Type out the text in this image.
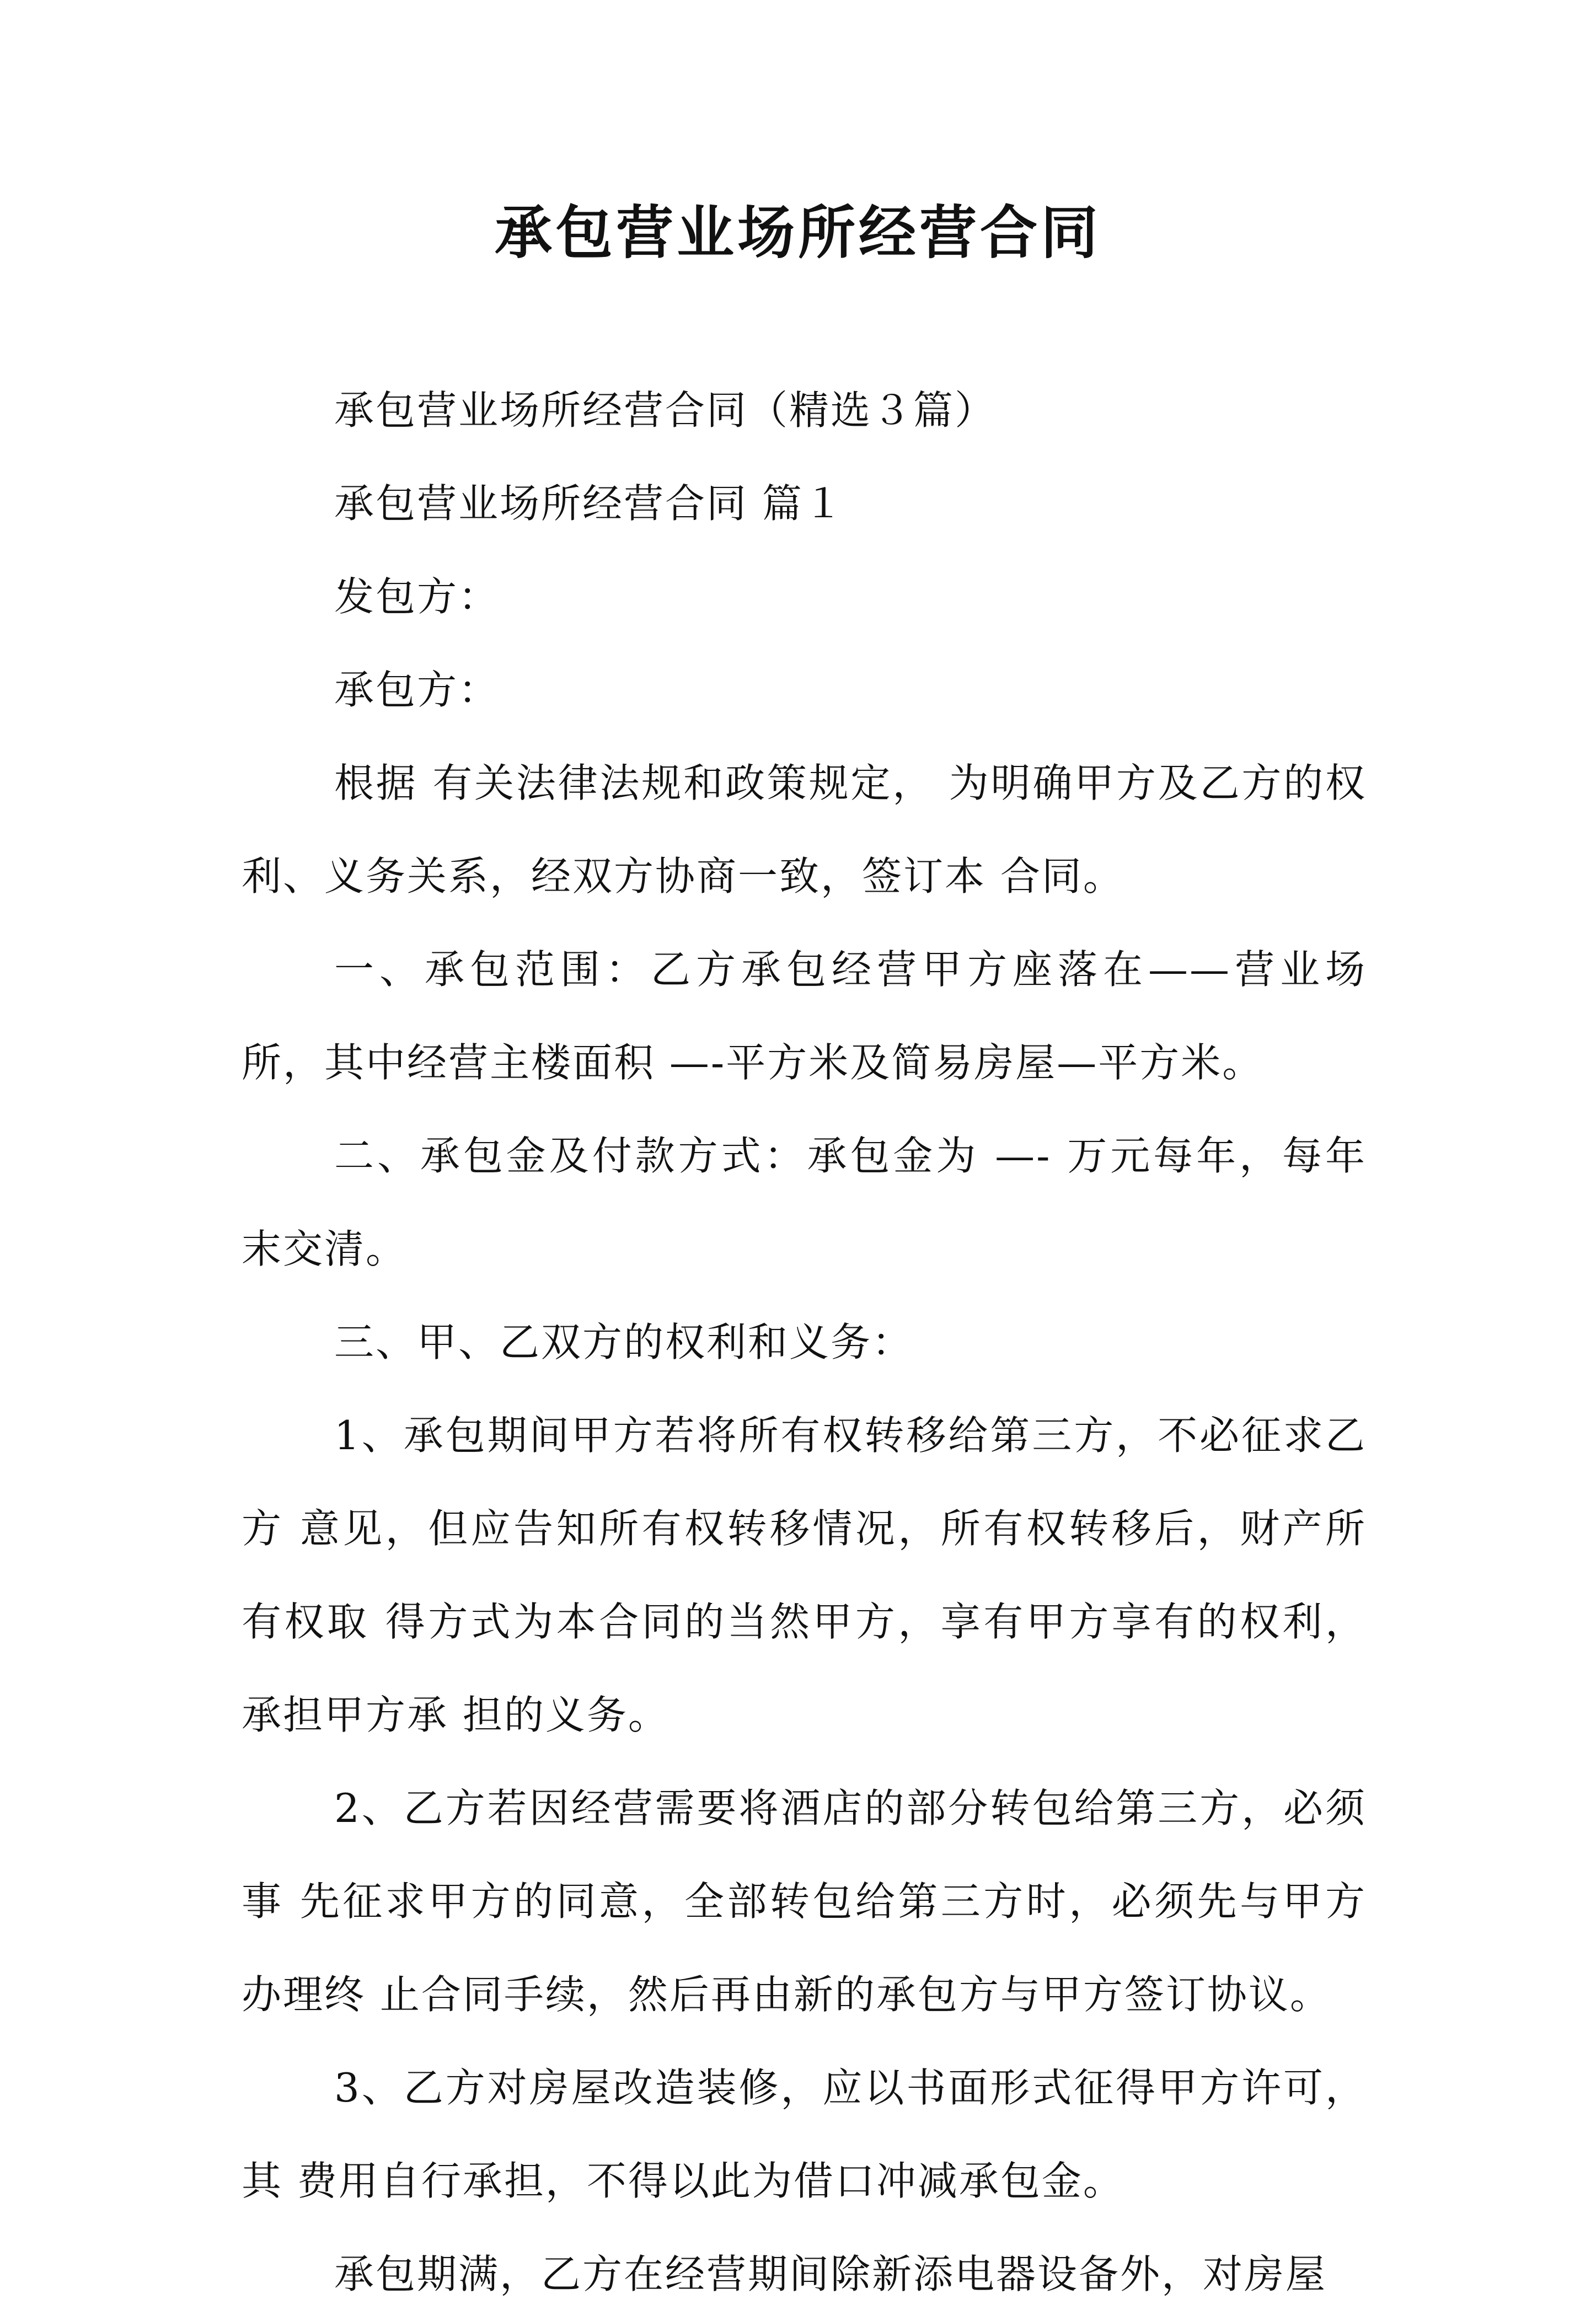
承包营业场所经营合同

承包营业场所经营合同（精选３篇）

承包营业场所经营合同 篇１

发包方：

承包方：

根据 有关法律法规和政策规定， 为明确甲方及乙方的权利、义务关系，经双方协商一致，签订本 合同。

一、承包范围：乙方承包经营甲方座落在——营业场所，其中经营主楼面积 —-平方米及简易房屋—平方米。

二、承包金及付款方式：承包金为 —- 万元每年，每年末交清。

三、甲、乙双方的权利和义务：

1、承包期间甲方若将所有权转移给第三方，不必征求乙方 意见，但应告知所有权转移情况，所有权转移后，财产所有权取 得方式为本合同的当然甲方，享有甲方享有的权利，承担甲方承 担的义务。

2、乙方若因经营需要将酒店的部分转包给第三方，必须事 先征求甲方的同意，全部转包给第三方时，必须先与甲方办理终 止合同手续，然后再由新的承包方与甲方签订协议。

3、乙方对房屋改造装修，应以书面形式征得甲方许可，其 费用自行承担，不得以此为借口冲减承包金。

承包期满，乙方在经营期间除新添电器设备外，对房屋
